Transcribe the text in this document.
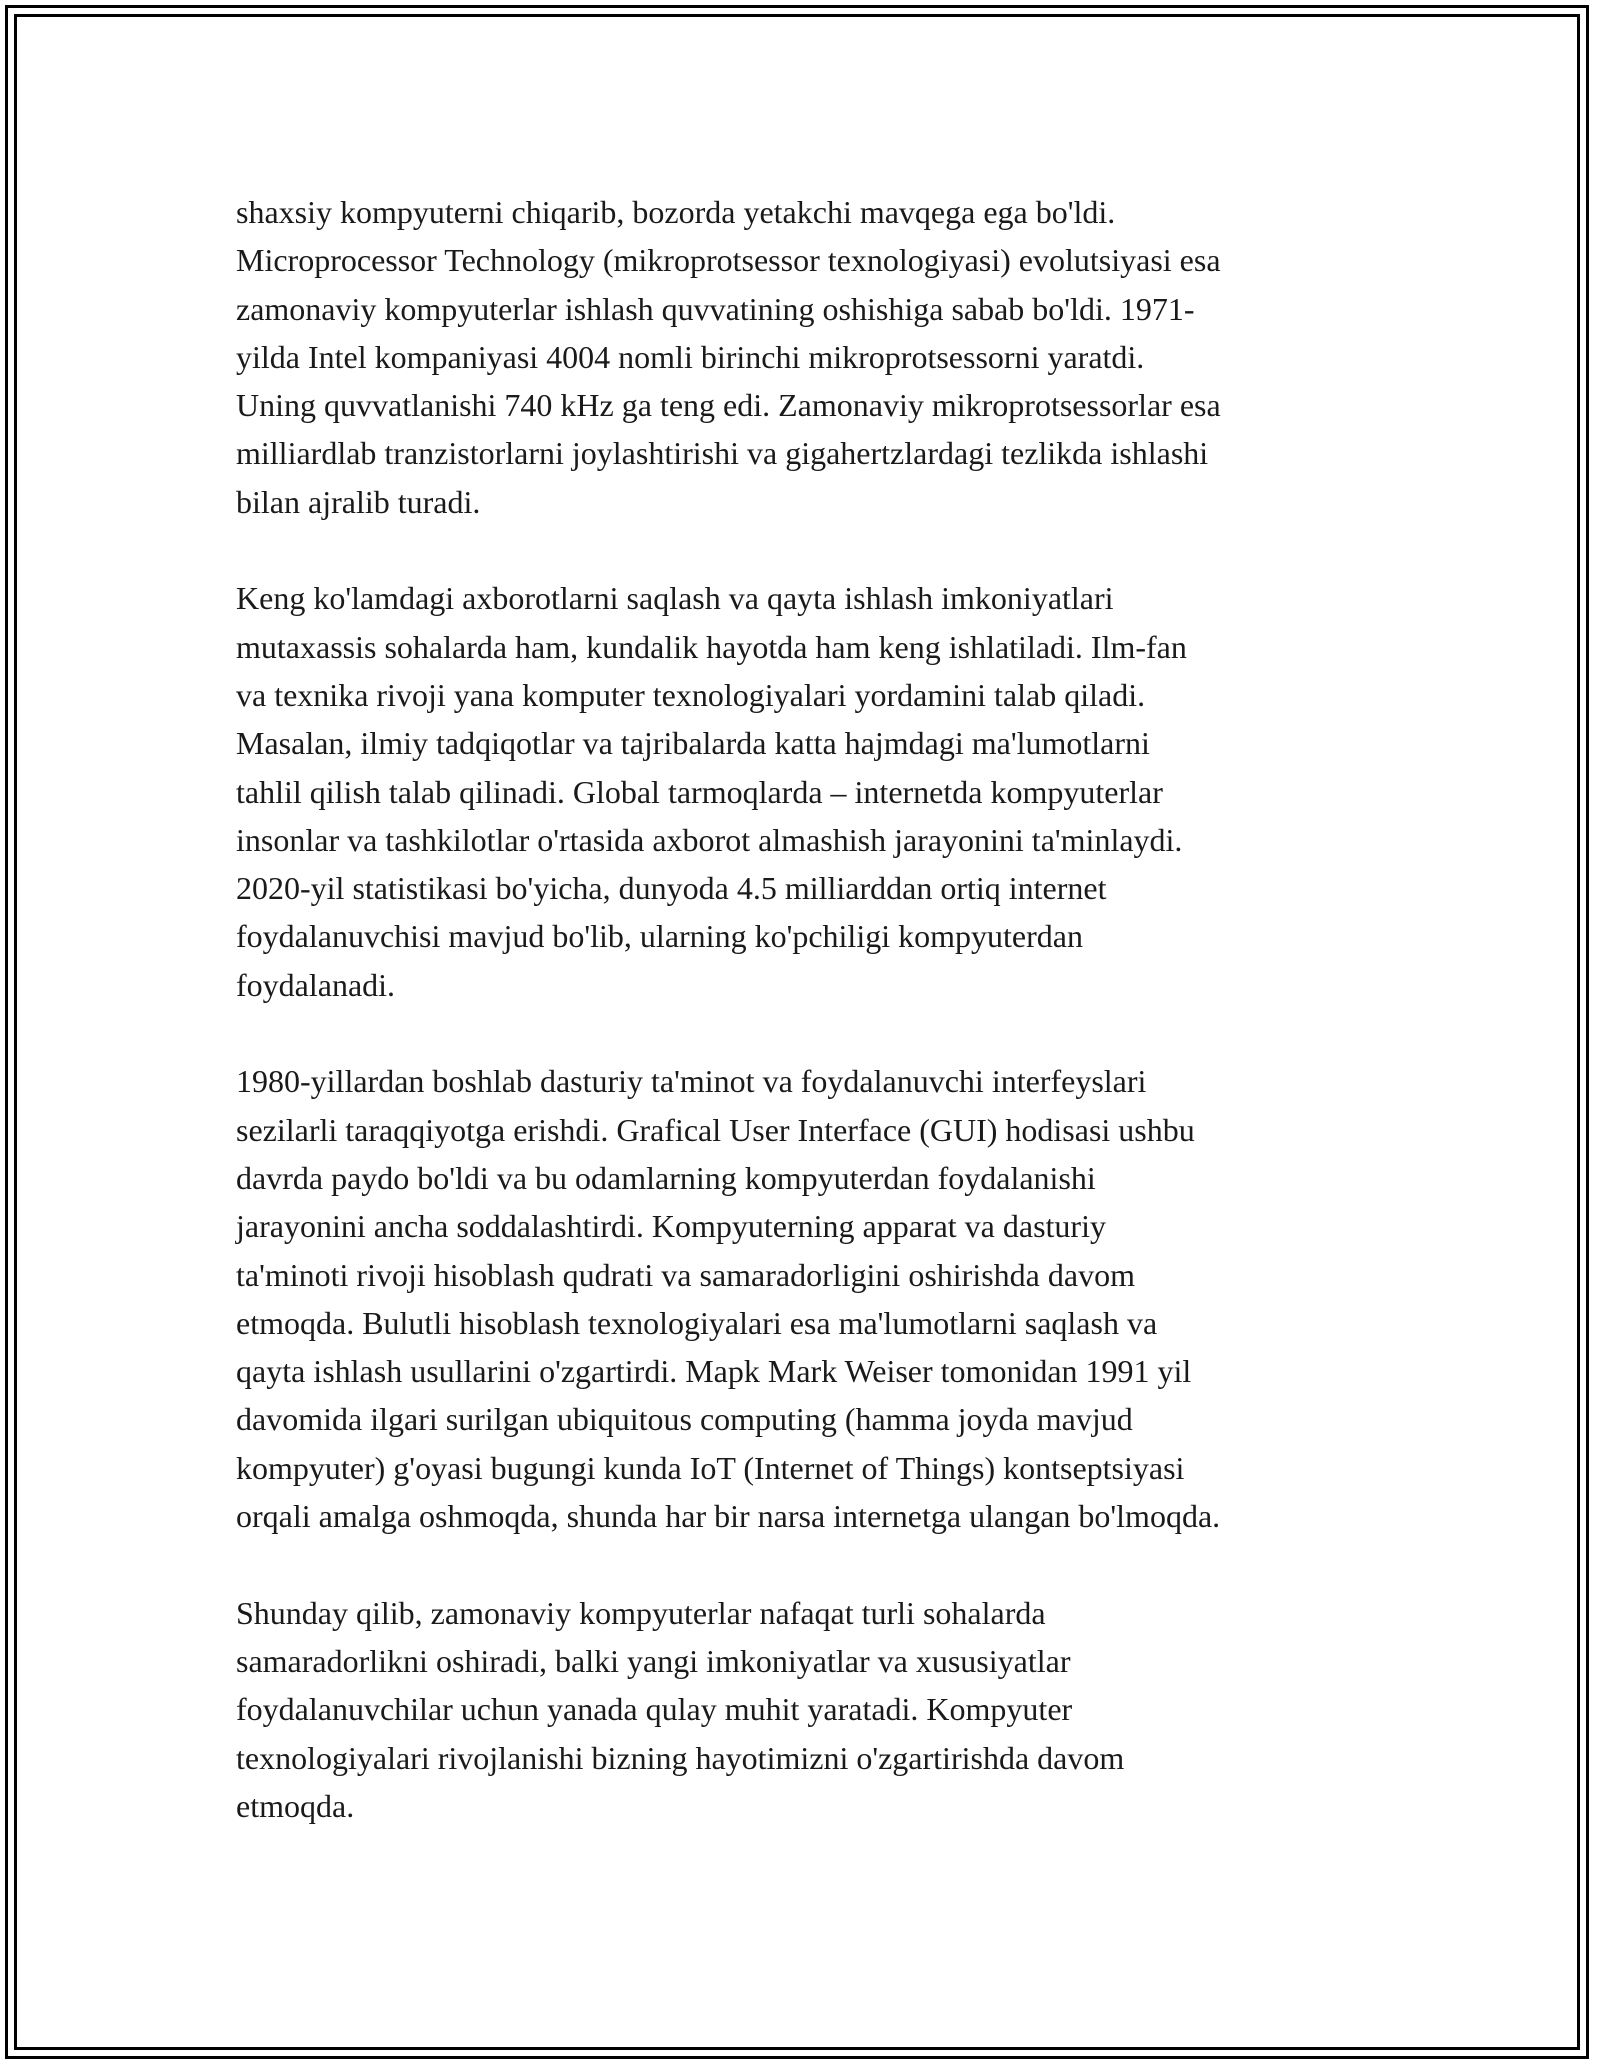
shaxsiy kompyuterni chiqarib, bozorda yetakchi mavqega ega bo'ldi.
Microprocessor Technology (mikroprotsessor texnologiyasi) evolutsiyasi esa
zamonaviy kompyuterlar ishlash quvvatining oshishiga sabab bo'ldi. 1971-
yilda Intel kompaniyasi 4004 nomli birinchi mikroprotsessorni yaratdi.
Uning quvvatlanishi 740 kHz ga teng edi. Zamonaviy mikroprotsessorlar esa
milliardlab tranzistorlarni joylashtirishi va gigahertzlardagi tezlikda ishlashi
bilan ajralib turadi.

Keng ko'lamdagi axborotlarni saqlash va qayta ishlash imkoniyatlari
mutaxassis sohalarda ham, kundalik hayotda ham keng ishlatiladi. Ilm-fan
va texnika rivoji yana komputer texnologiyalari yordamini talab qiladi.
Masalan, ilmiy tadqiqotlar va tajribalarda katta hajmdagi ma'lumotlarni
tahlil qilish talab qilinadi. Global tarmoqlarda – internetda kompyuterlar
insonlar va tashkilotlar o'rtasida axborot almashish jarayonini ta'minlaydi.
2020-yil statistikasi bo'yicha, dunyoda 4.5 milliarddan ortiq internet
foydalanuvchisi mavjud bo'lib, ularning ko'pchiligi kompyuterdan
foydalanadi.

1980-yillardan boshlab dasturiy ta'minot va foydalanuvchi interfeyslari
sezilarli taraqqiyotga erishdi. Grafical User Interface (GUI) hodisasi ushbu
davrda paydo bo'ldi va bu odamlarning kompyuterdan foydalanishi
jarayonini ancha soddalashtirdi. Kompyuterning apparat va dasturiy
ta'minoti rivoji hisoblash qudrati va samaradorligini oshirishda davom
etmoqda. Bulutli hisoblash texnologiyalari esa ma'lumotlarni saqlash va
qayta ishlash usullarini o'zgartirdi. Mapk Mark Weiser tomonidan 1991 yil
davomida ilgari surilgan ubiquitous computing (hamma joyda mavjud
kompyuter) g'oyasi bugungi kunda IoT (Internet of Things) kontseptsiyasi
orqali amalga oshmoqda, shunda har bir narsa internetga ulangan bo'lmoqda.

Shunday qilib, zamonaviy kompyuterlar nafaqat turli sohalarda
samaradorlikni oshiradi, balki yangi imkoniyatlar va xususiyatlar
foydalanuvchilar uchun yanada qulay muhit yaratadi. Kompyuter
texnologiyalari rivojlanishi bizning hayotimizni o'zgartirishda davom
etmoqda.
